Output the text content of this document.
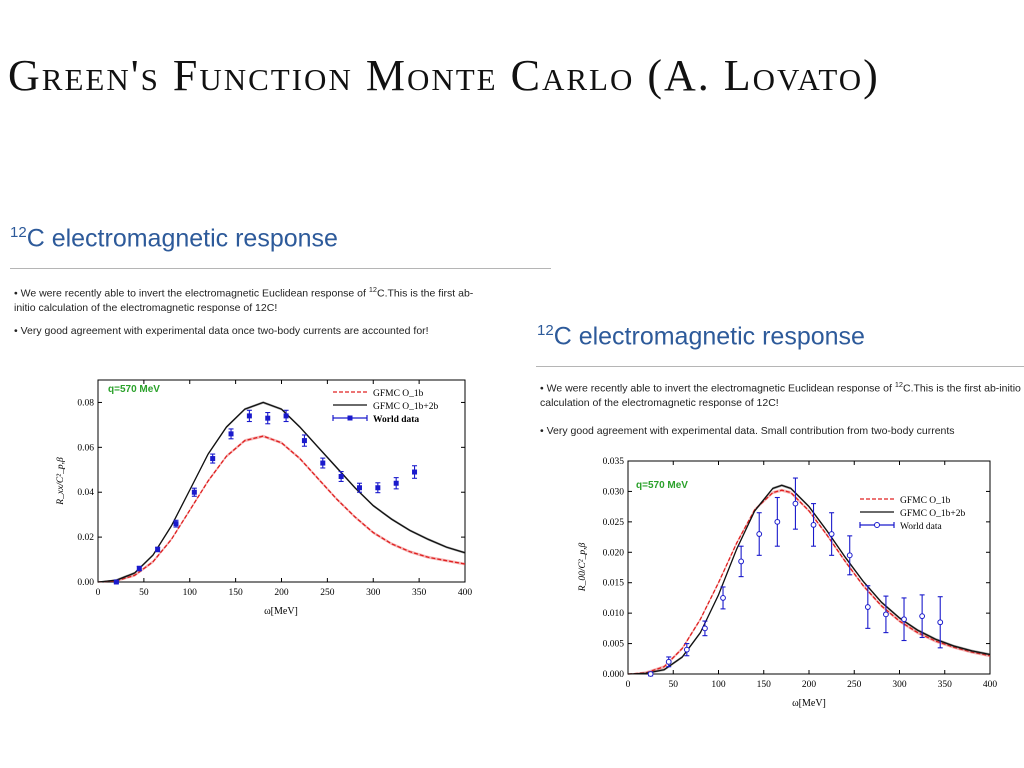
Green's Function Monte Carlo (A. Lovato)
$^{12}$C electromagnetic response

• We were recently able to invert the electromagnetic Euclidean response of $^{12}$C.This is the first ab-initio calculation of the electromagnetic response of 12C!

• Very good agreement with experimental data once two-body currents are accounted for!	$^{12}$C electromagnetic response

• We were recently able to invert the electromagnetic Euclidean response of $^{12}$C.This is the first ab-initio calculation of the electromagnetic response of 12C!

• Very good agreement with experimental data. Small contribution from two-body currents

0	50	100	150	200	250	300	350	400
0.00
0.02
0.04
0.06
0.08
q=570 MeV	GFMC O_1b
GFMC O_1b+2b
World data
ω[MeV]
R_xx/C²_p,β
0	50	100	150	200	250	300	350	400
0.000
0.005
0.010
0.015
0.020
0.025
0.030
0.035
q=570 MeV
GFMC O_1b
GFMC O_1b+2b
World data
ω[MeV]
R_00/C²_p,β
